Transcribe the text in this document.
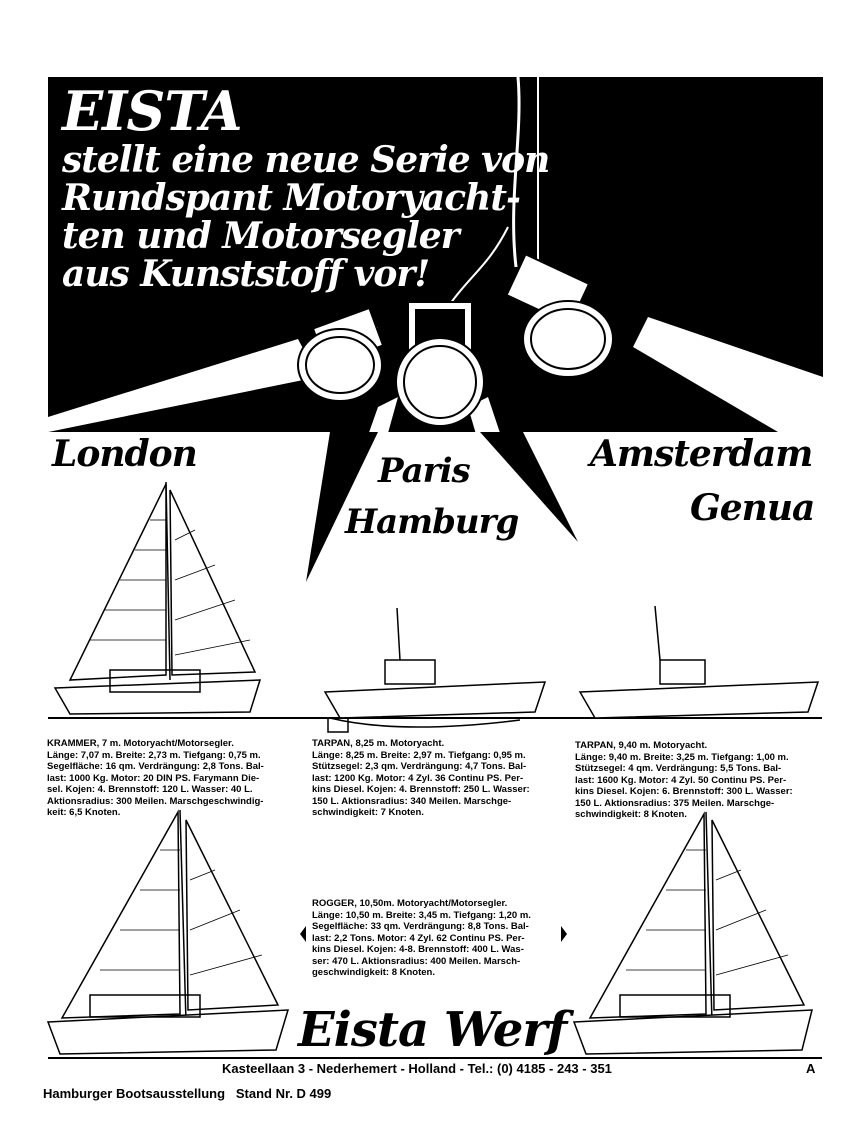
EISTA
stellt eine neue Serie von
Rundspant Motoryacht-
ten und Motorsegler
aus Kunststoff vor!
London	Paris
Hamburg
Amsterdam
Genua
KRAMMER, 7 m. Motoryacht/Motorsegler.
Länge: 7,07 m. Breite: 2,73 m. Tiefgang: 0,75 m.
Segelfläche: 16 qm. Verdrängung: 2,8 Tons. Bal-
last: 1000 Kg. Motor: 20 DIN PS. Farymann Die-
sel. Kojen: 4. Brennstoff: 120 L. Wasser: 40 L.
Aktionsradius: 300 Meilen. Marschgeschwindig-
keit: 6,5 Knoten.
TARPAN, 8,25 m. Motoryacht.
Länge: 8,25 m. Breite: 2,97 m. Tiefgang: 0,95 m.
Stützsegel: 2,3 qm. Verdrängung: 4,7 Tons. Bal-
last: 1200 Kg. Motor: 4 Zyl. 36 Continu PS. Per-
kins Diesel. Kojen: 4. Brennstoff: 250 L. Wasser:
150 L. Aktionsradius: 340 Meilen. Marschge-
schwindigkeit: 7 Knoten.
TARPAN, 9,40 m. Motoryacht.
Länge: 9,40 m. Breite: 3,25 m. Tiefgang: 1,00 m.
Stützsegel: 4 qm. Verdrängung: 5,5 Tons. Bal-
last: 1600 Kg. Motor: 4 Zyl. 50 Continu PS. Per-
kins Diesel. Kojen: 6. Brennstoff: 300 L. Wasser:
150 L. Aktionsradius: 375 Meilen. Marschge-
schwindigkeit: 8 Knoten.
ROGGER, 10,50m. Motoryacht/Motorsegler.
Länge: 10,50 m. Breite: 3,45 m. Tiefgang: 1,20 m.
Segelfläche: 33 qm. Verdrängung: 8,8 Tons. Bal-
last: 2,2 Tons. Motor: 4 Zyl. 62 Continu PS. Per-
kins Diesel. Kojen: 4-8. Brennstoff: 400 L. Was-
ser: 470 L. Aktionsradius: 400 Meilen. Marsch-
geschwindigkeit: 8 Knoten.
Eista Werf
Kasteellaan 3 - Nederhemert - Holland - Tel.: (0) 4185 - 243 - 351	A
Hamburger Bootsausstellung   Stand Nr. D 499
